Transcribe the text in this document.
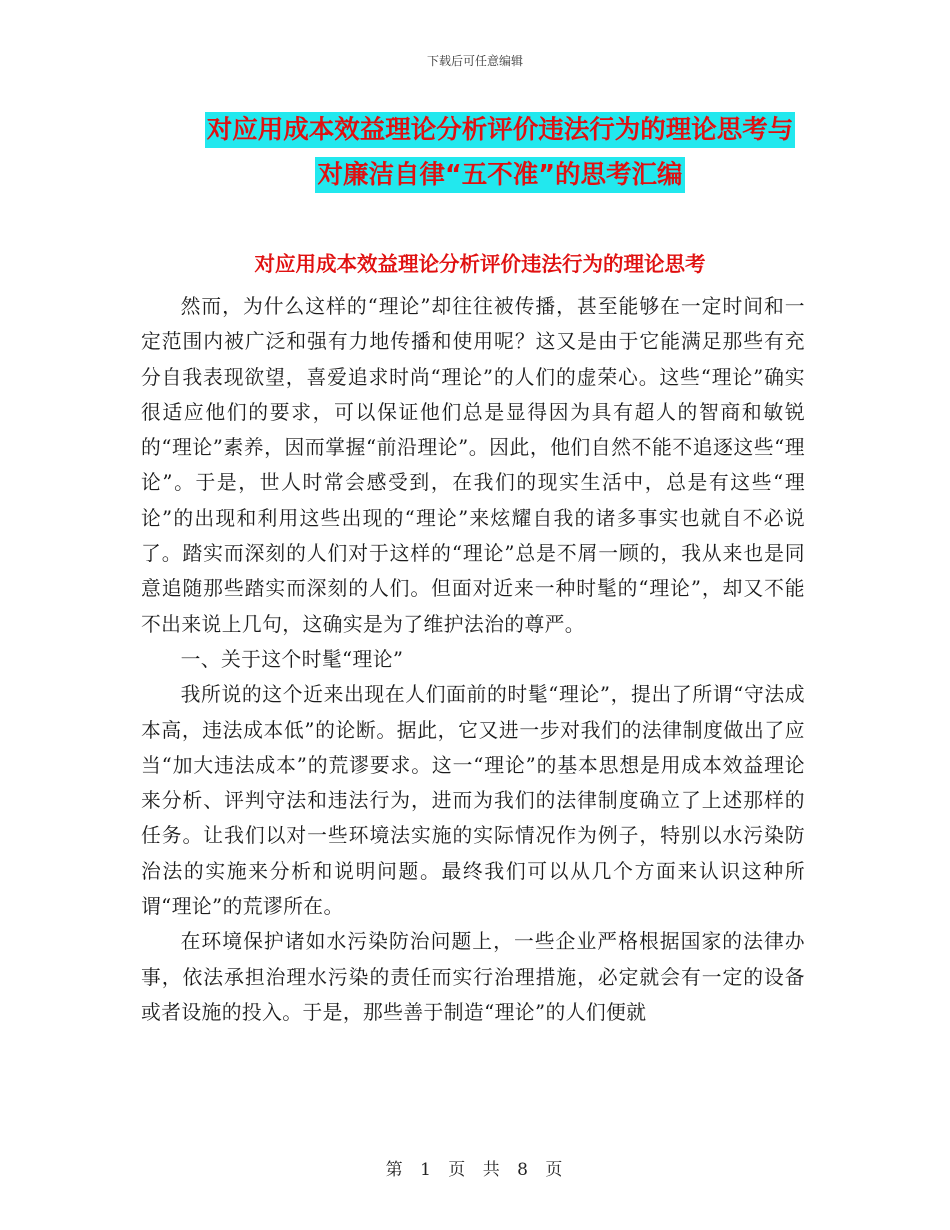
下载后可任意编辑
对应用成本效益理论分析评价违法行为的理论思考与
对廉洁自律“五不准”的思考汇编
对应用成本效益理论分析评价违法行为的理论思考

然而，为什么这样的“理论”却往往被传播，甚至能够在一定时间和一定范围内被广泛和强有力地传播和使用呢？这又是由于它能满足那些有充分自我表现欲望，喜爱追求时尚“理论”的人们的虚荣心。这些“理论”确实很适应他们的要求，可以保证他们总是显得因为具有超人的智商和敏锐的“理论”素养，因而掌握“前沿理论”。因此，他们自然不能不追逐这些“理论”。于是，世人时常会感受到，在我们的现实生活中，总是有这些“理论”的出现和利用这些出现的“理论”来炫耀自我的诸多事实也就自不必说了。踏实而深刻的人们对于这样的“理论”总是不屑一顾的，我从来也是同意追随那些踏实而深刻的人们。但面对近来一种时髦的“理论”，却又不能不出来说上几句，这确实是为了维护法治的尊严。

一、关于这个时髦“理论”

我所说的这个近来出现在人们面前的时髦“理论”，提出了所谓“守法成本高，违法成本低”的论断。据此，它又进一步对我们的法律制度做出了应当“加大违法成本”的荒谬要求。这一“理论”的基本思想是用成本效益理论来分析、评判守法和违法行为，进而为我们的法律制度确立了上述那样的任务。让我们以对一些环境法实施的实际情况作为例子，特别以水污染防治法的实施来分析和说明问题。最终我们可以从几个方面来认识这种所谓“理论”的荒谬所在。

在环境保护诸如水污染防治问题上，一些企业严格根据国家的法律办事，依法承担治理水污染的责任而实行治理措施，必定就会有一定的设备或者设施的投入。于是，那些善于制造“理论”的人们便就

第 1 页 共 8 页
